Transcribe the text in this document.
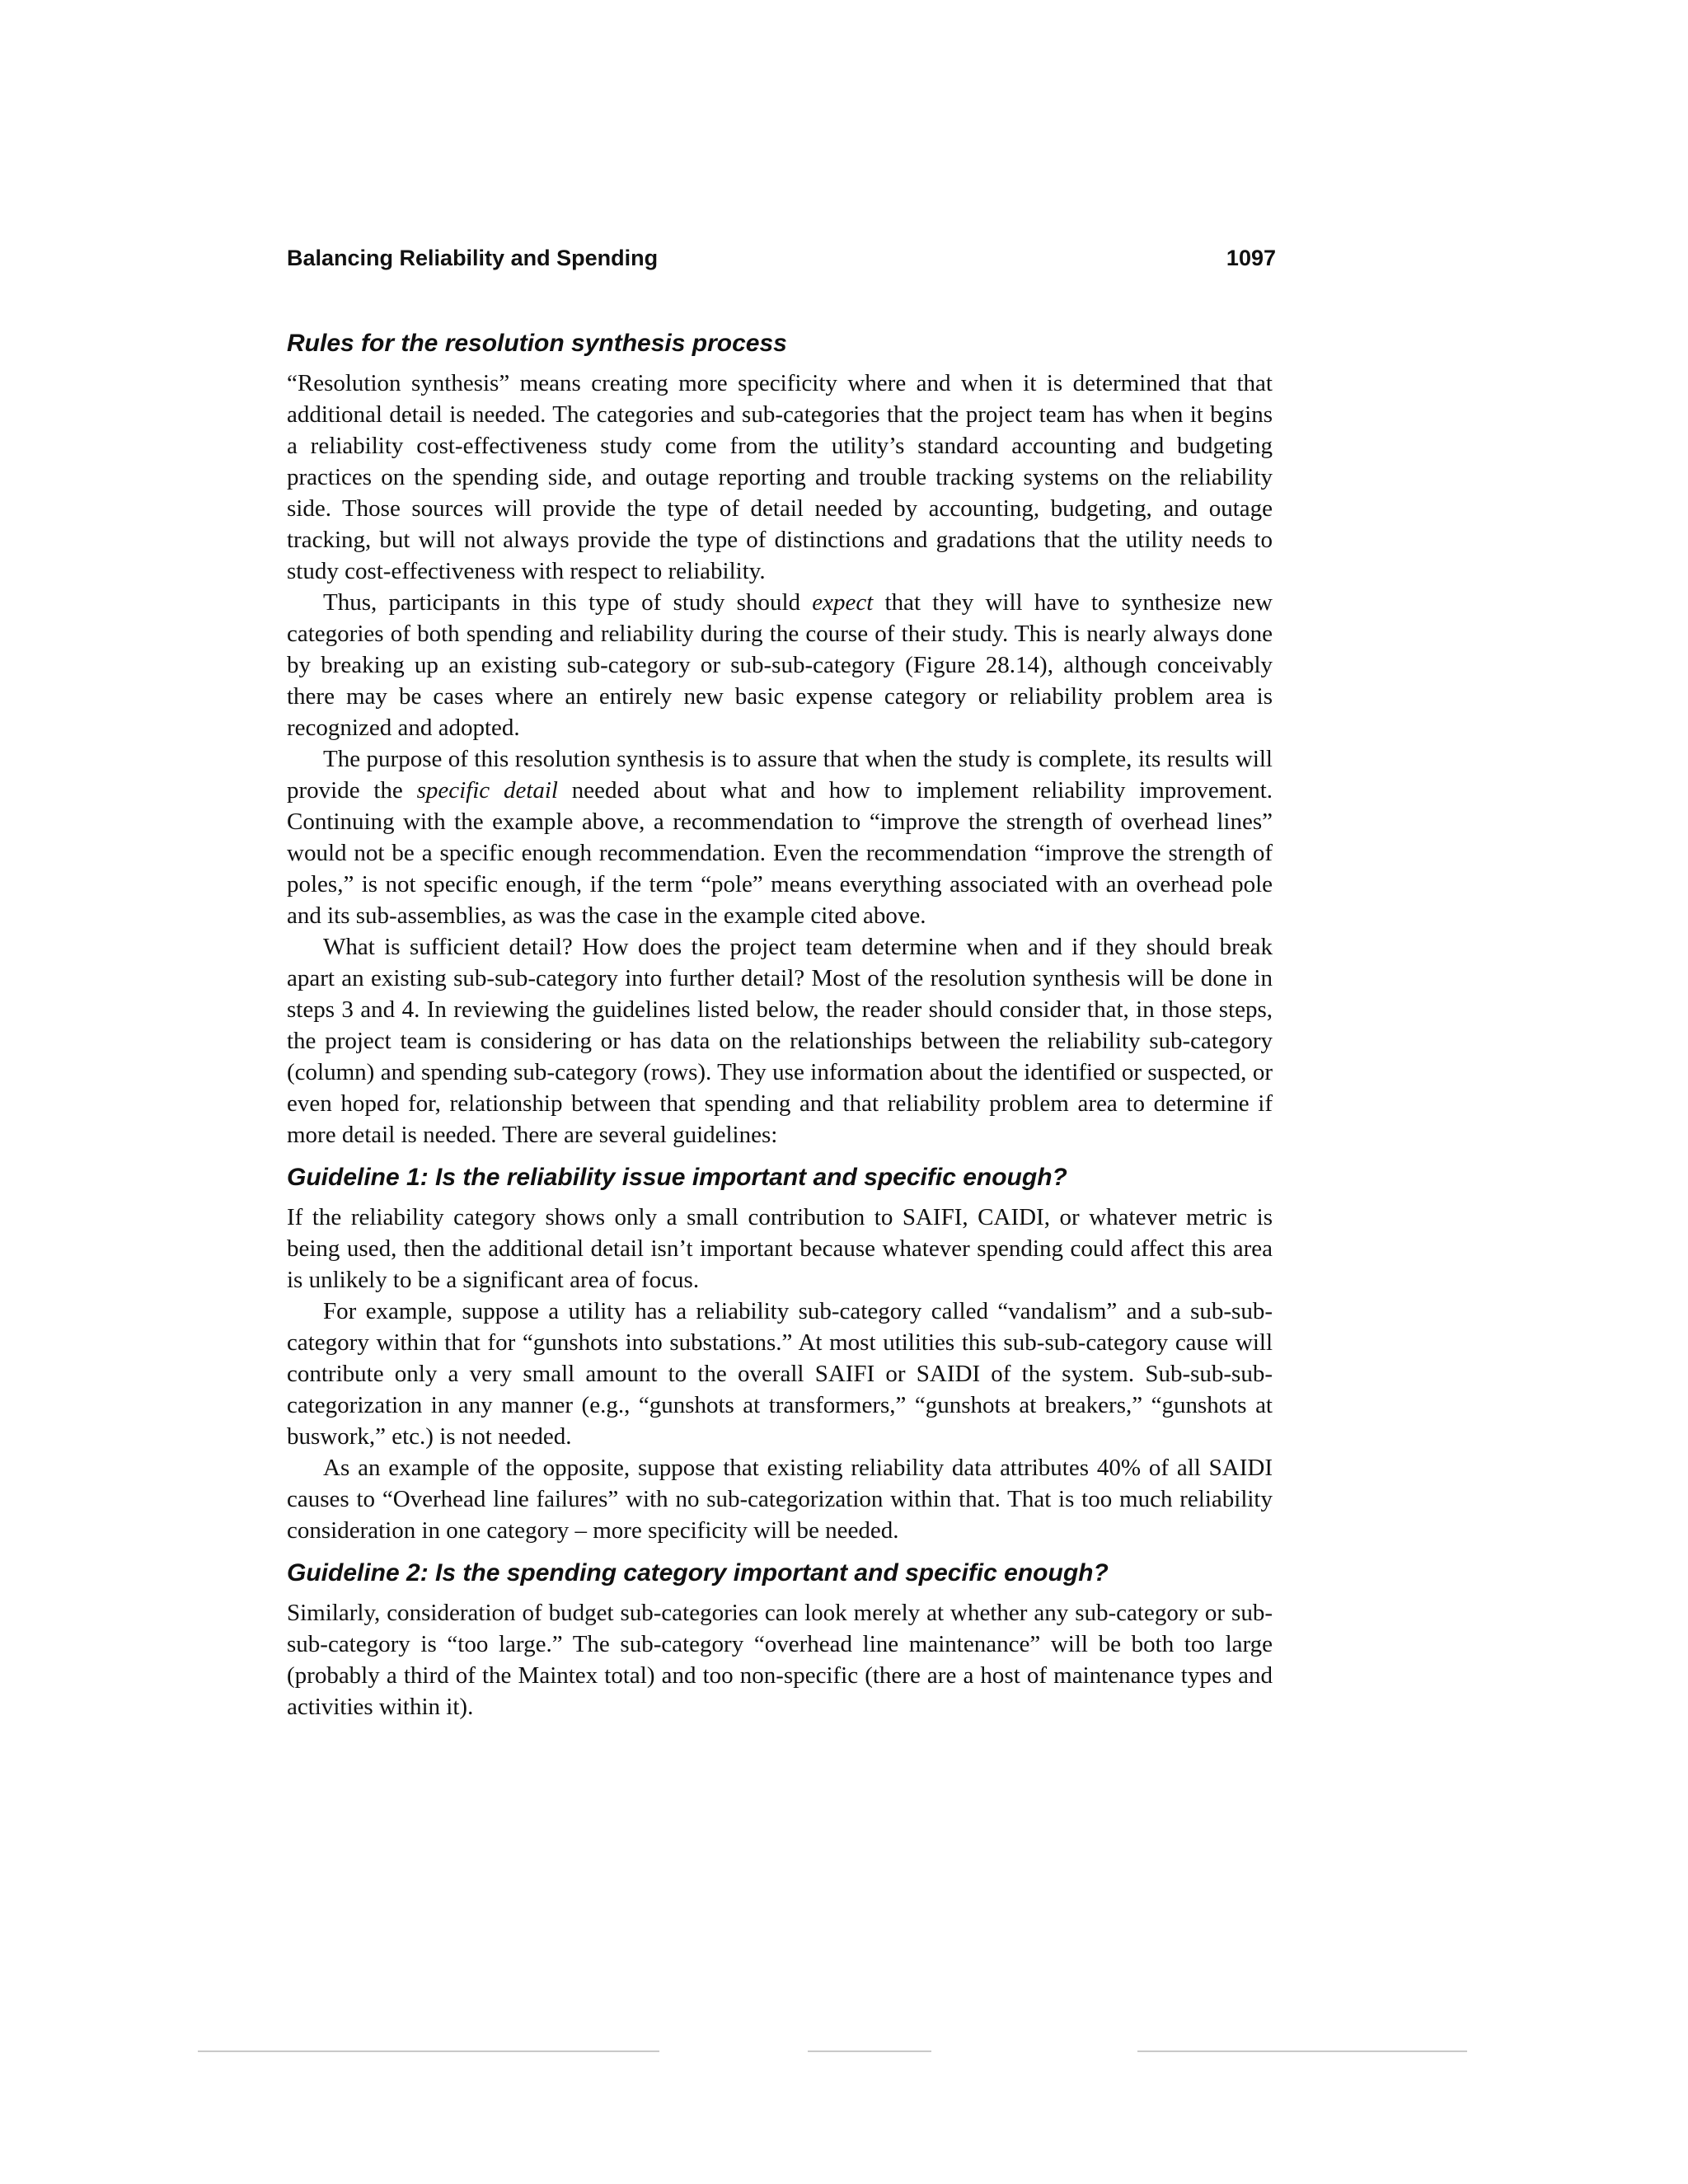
Balancing Reliability and Spending	1097
Rules for the resolution synthesis process

“Resolution synthesis” means creating more specificity where and when it is determined that that additional detail is needed. The categories and sub-categories that the project team has when it begins a reliability cost-effectiveness study come from the utility’s standard accounting and budgeting practices on the spending side, and outage reporting and trouble tracking systems on the reliability side. Those sources will provide the type of detail needed by accounting, budgeting, and outage tracking, but will not always provide the type of distinctions and gradations that the utility needs to study cost-effectiveness with respect to reliability.

Thus, participants in this type of study should expect that they will have to synthesize new categories of both spending and reliability during the course of their study. This is nearly always done by breaking up an existing sub-category or sub-sub-category (Figure 28.14), although conceivably there may be cases where an entirely new basic expense category or reliability problem area is recognized and adopted.

The purpose of this resolution synthesis is to assure that when the study is complete, its results will provide the specific detail needed about what and how to implement reliability improvement. Continuing with the example above, a recommendation to “improve the strength of overhead lines” would not be a specific enough recommendation. Even the recommendation “improve the strength of poles,” is not specific enough, if the term “pole” means everything associated with an overhead pole and its sub-assemblies, as was the case in the example cited above.

What is sufficient detail? How does the project team determine when and if they should break apart an existing sub-sub-category into further detail? Most of the resolution synthesis will be done in steps 3 and 4. In reviewing the guidelines listed below, the reader should consider that, in those steps, the project team is considering or has data on the relationships between the reliability sub-category (column) and spending sub-category (rows). They use information about the identified or suspected, or even hoped for, relationship between that spending and that reliability problem area to determine if more detail is needed. There are several guidelines:

Guideline 1: Is the reliability issue important and specific enough?

If the reliability category shows only a small contribution to SAIFI, CAIDI, or whatever metric is being used, then the additional detail isn’t important because whatever spending could affect this area is unlikely to be a significant area of focus.

For example, suppose a utility has a reliability sub-category called “vandalism” and a sub-sub-category within that for “gunshots into substations.” At most utilities this sub-sub-category cause will contribute only a very small amount to the overall SAIFI or SAIDI of the system. Sub-sub-sub-categorization in any manner (e.g., “gunshots at transformers,” “gunshots at breakers,” “gunshots at buswork,” etc.) is not needed.

As an example of the opposite, suppose that existing reliability data attributes 40% of all SAIDI causes to “Overhead line failures” with no sub-categorization within that. That is too much reliability consideration in one category – more specificity will be needed.

Guideline 2: Is the spending category important and specific enough?

Similarly, consideration of budget sub-categories can look merely at whether any sub-category or sub-sub-category is “too large.” The sub-category “overhead line maintenance” will be both too large (probably a third of the Maintex total) and too non-specific (there are a host of maintenance types and activities within it).
